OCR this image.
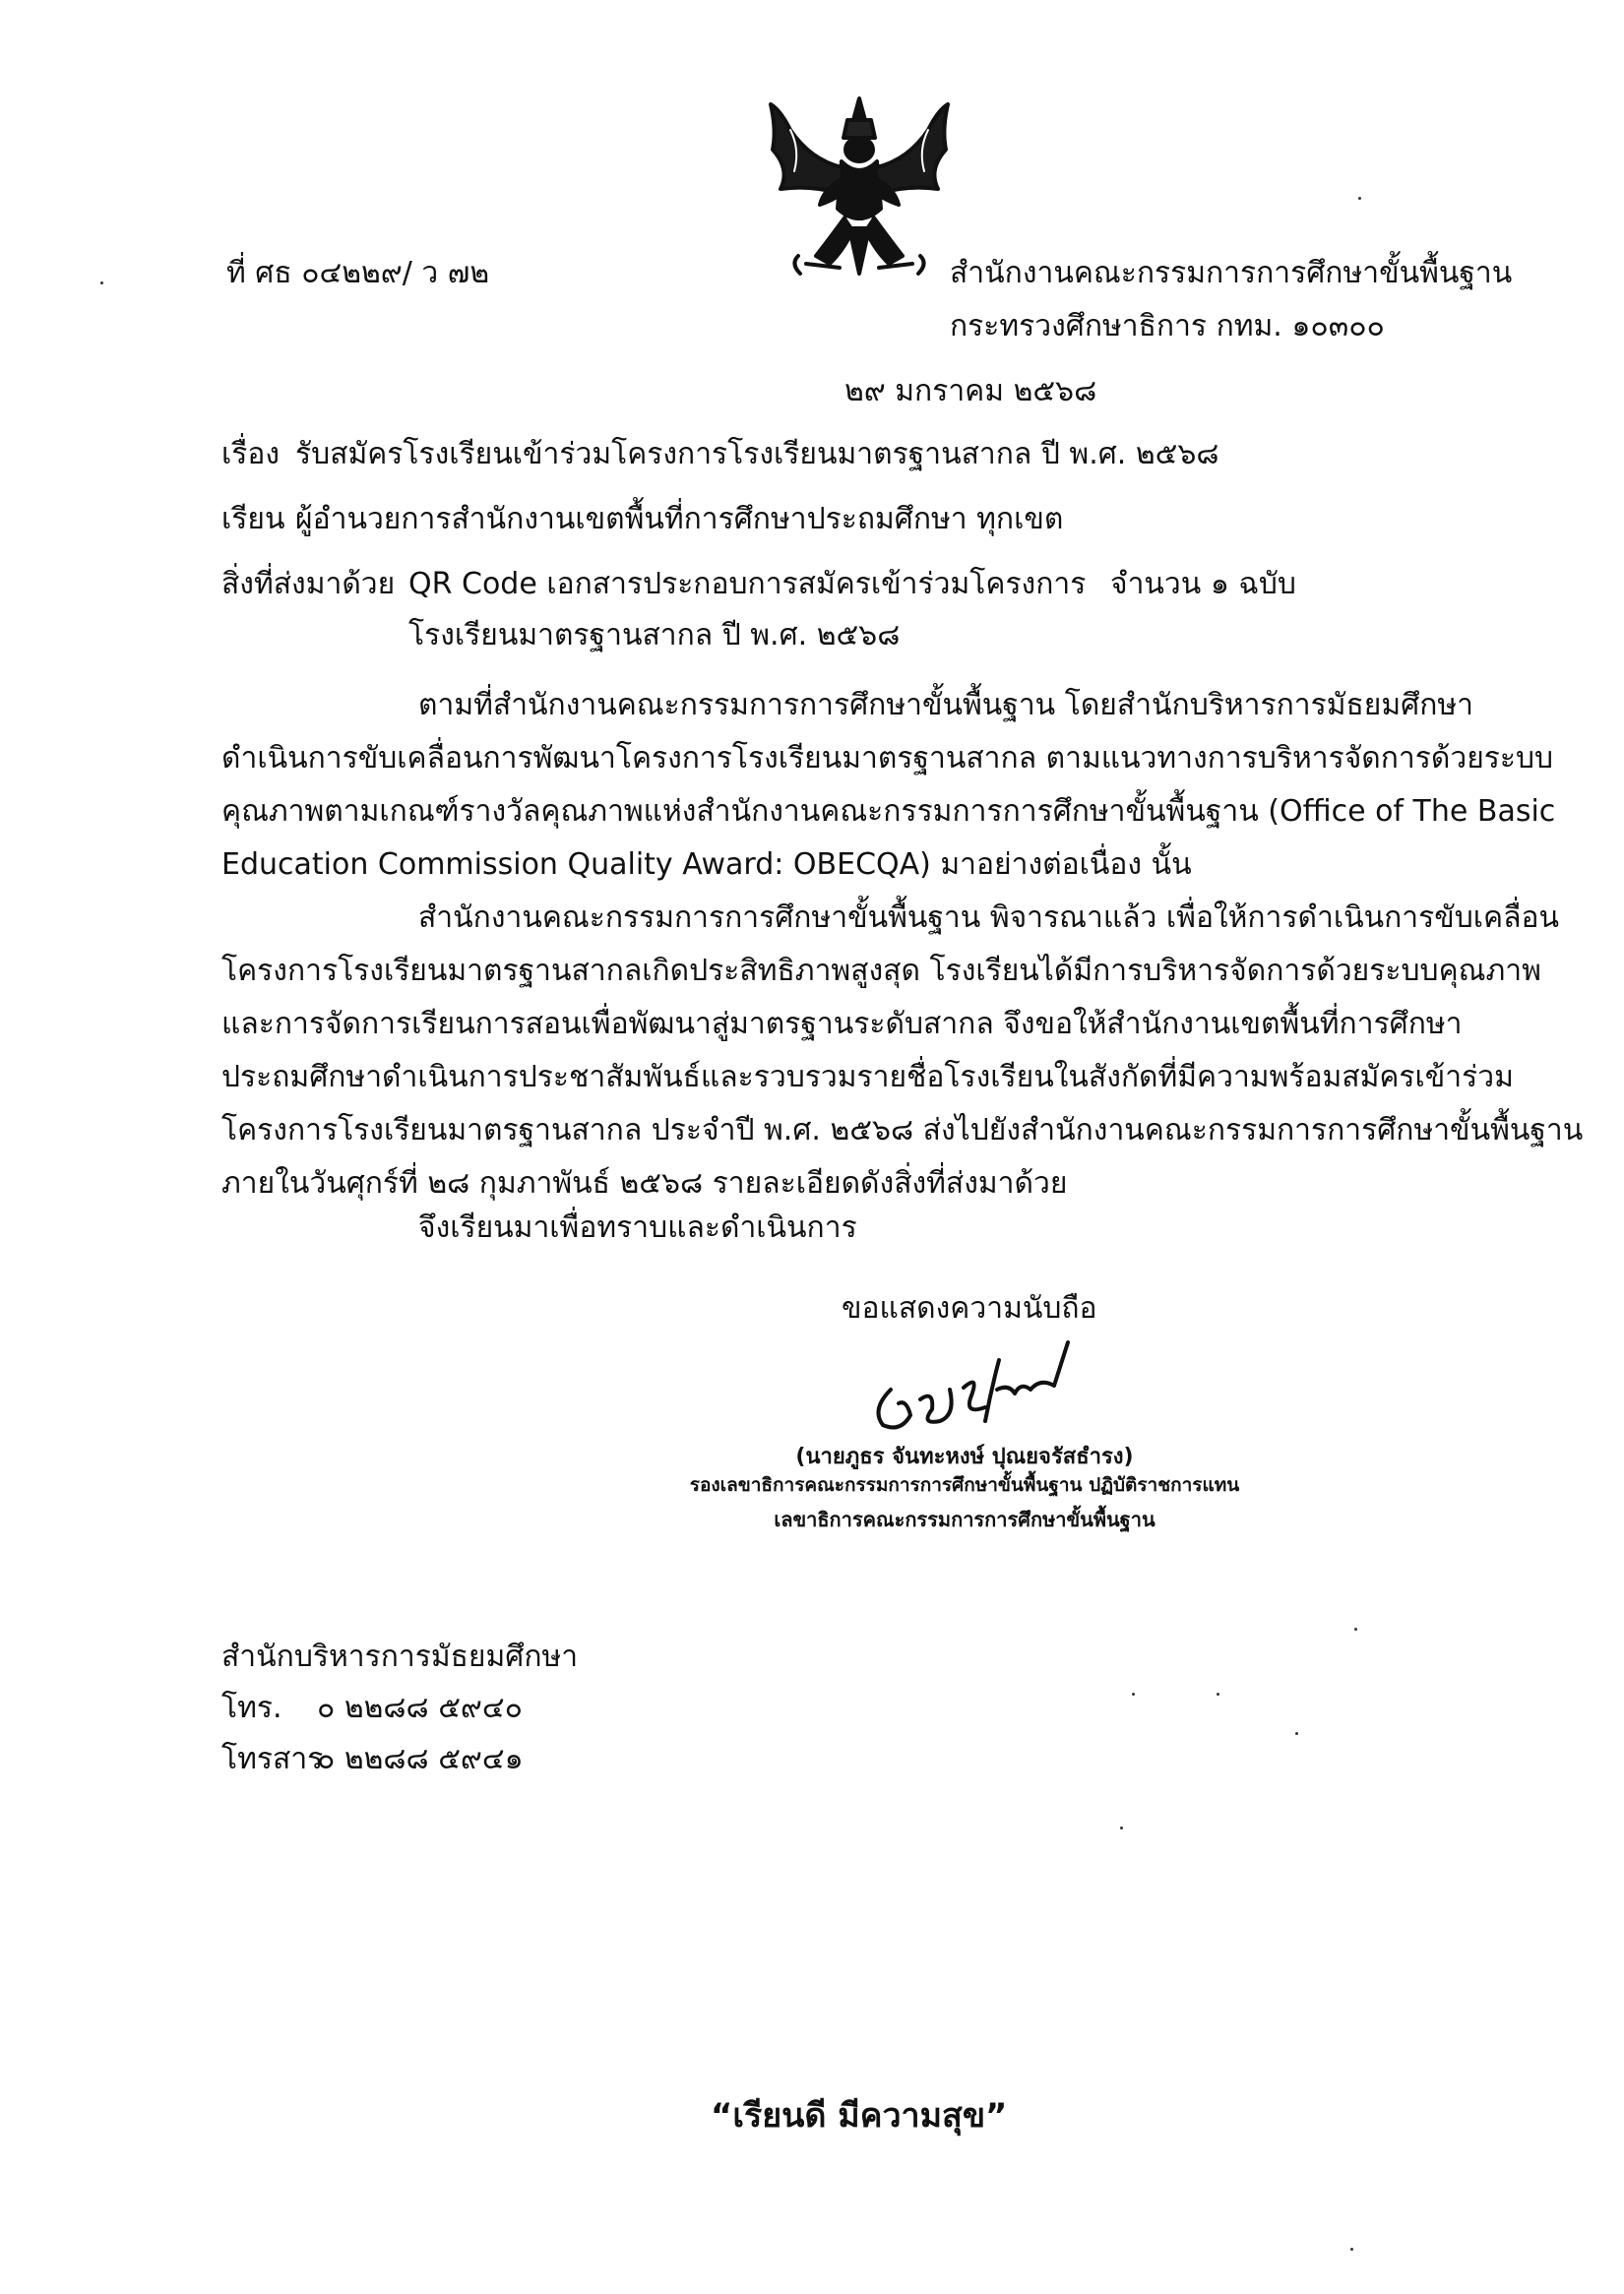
ที่ ศธ ๐๔๒๒๙/ ว ๗๒	สำนักงานคณะกรรมการการศึกษาขั้นพื้นฐาน
กระทรวงศึกษาธิการ กทม. ๑๐๓๐๐
๒๙ มกราคม ๒๕๖๘
เรื่อง รับสมัครโรงเรียนเข้าร่วมโครงการโรงเรียนมาตรฐานสากล ปี พ.ศ. ๒๕๖๘
เรียน ผู้อำนวยการสำนักงานเขตพื้นที่การศึกษาประถมศึกษา ทุกเขต
สิ่งที่ส่งมาด้วย QR Code เอกสารประกอบการสมัครเข้าร่วมโครงการ จำนวน ๑ ฉบับ
โรงเรียนมาตรฐานสากล ปี พ.ศ. ๒๕๖๘
ตามที่สำนักงานคณะกรรมการการศึกษาขั้นพื้นฐาน โดยสำนักบริหารการมัธยมศึกษา
ดำเนินการขับเคลื่อนการพัฒนาโครงการโรงเรียนมาตรฐานสากล ตามแนวทางการบริหารจัดการด้วยระบบ
คุณภาพตามเกณฑ์รางวัลคุณภาพแห่งสำนักงานคณะกรรมการการศึกษาขั้นพื้นฐาน (Office of The Basic
Education Commission Quality Award: OBECQA) มาอย่างต่อเนื่อง นั้น
สำนักงานคณะกรรมการการศึกษาขั้นพื้นฐาน พิจารณาแล้ว เพื่อให้การดำเนินการขับเคลื่อน
โครงการโรงเรียนมาตรฐานสากลเกิดประสิทธิภาพสูงสุด โรงเรียนได้มีการบริหารจัดการด้วยระบบคุณภาพ
และการจัดการเรียนการสอนเพื่อพัฒนาสู่มาตรฐานระดับสากล จึงขอให้สำนักงานเขตพื้นที่การศึกษา
ประถมศึกษาดำเนินการประชาสัมพันธ์และรวบรวมรายชื่อโรงเรียนในสังกัดที่มีความพร้อมสมัครเข้าร่วม
โครงการโรงเรียนมาตรฐานสากล ประจำปี พ.ศ. ๒๕๖๘ ส่งไปยังสำนักงานคณะกรรมการการศึกษาขั้นพื้นฐาน
ภายในวันศุกร์ที่ ๒๘ กุมภาพันธ์ ๒๕๖๘ รายละเอียดดังสิ่งที่ส่งมาด้วย
จึงเรียนมาเพื่อทราบและดำเนินการ
ขอแสดงความนับถือ
(นายภูธร จันทะหงษ์ ปุณยจรัสธำรง)
รองเลขาธิการคณะกรรมการการศึกษาขั้นพื้นฐาน ปฏิบัติราชการแทน
เลขาธิการคณะกรรมการการศึกษาขั้นพื้นฐาน
สำนักบริหารการมัธยมศึกษา
โทร. ๐ ๒๒๘๘ ๕๙๔๐
โทรสาร
๐ ๒๒๘๘ ๕๙๔๑
“เรียนดี มีความสุข”
